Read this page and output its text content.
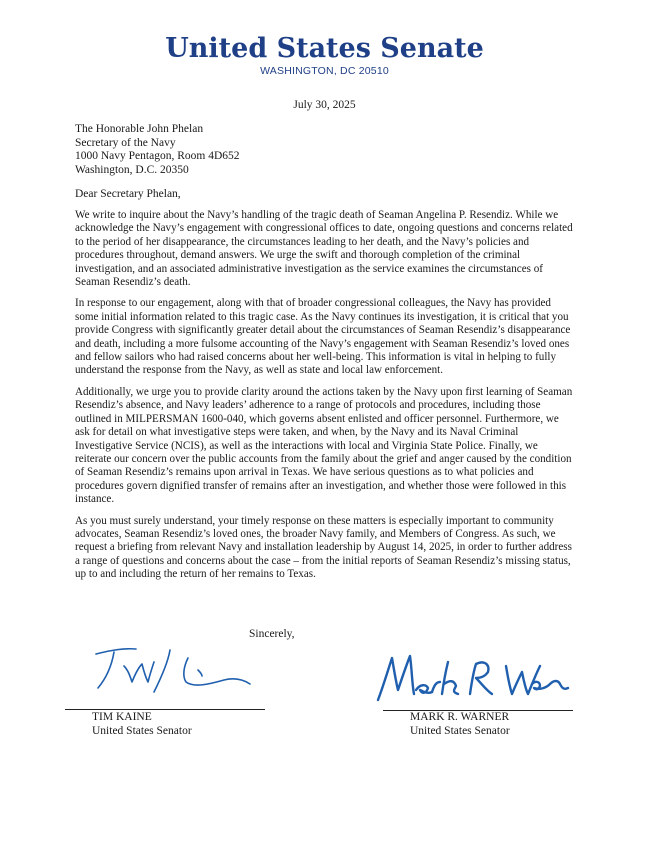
United States Senate
WASHINGTON, DC 20510
July 30, 2025
The Honorable John Phelan
Secretary of the Navy
1000 Navy Pentagon, Room 4D652
Washington, D.C. 20350
Dear Secretary Phelan,

We write to inquire about the Navy’s handling of the tragic death of Seaman Angelina P. Resendiz. While we acknowledge the Navy’s engagement with congressional offices to date, ongoing questions and concerns related to the period of her disappearance, the circumstances leading to her death, and the Navy’s policies and procedures throughout, demand answers. We urge the swift and thorough completion of the criminal investigation, and an associated administrative investigation as the service examines the circumstances of Seaman Resendiz’s death.

In response to our engagement, along with that of broader congressional colleagues, the Navy has provided some initial information related to this tragic case. As the Navy continues its investigation, it is critical that you provide Congress with significantly greater detail about the circumstances of Seaman Resendiz’s disappearance and death, including a more fulsome accounting of the Navy’s engagement with Seaman Resendiz’s loved ones and fellow sailors who had raised concerns about her well-being. This information is vital in helping to fully understand the response from the Navy, as well as state and local law enforcement.

Additionally, we urge you to provide clarity around the actions taken by the Navy upon first learning of Seaman Resendiz’s absence, and Navy leaders’ adherence to a range of protocols and procedures, including those outlined in MILPERSMAN 1600-040, which governs absent enlisted and officer personnel. Furthermore, we ask for detail on what investigative steps were taken, and when, by the Navy and its Naval Criminal Investigative Service (NCIS), as well as the interactions with local and Virginia State Police. Finally, we reiterate our concern over the public accounts from the family about the grief and anger caused by the condition of Seaman Resendiz’s remains upon arrival in Texas. We have serious questions as to what policies and procedures govern dignified transfer of remains after an investigation, and whether those were followed in this instance.

As you must surely understand, your timely response on these matters is especially important to community advocates, Seaman Resendiz’s loved ones, the broader Navy family, and Members of Congress. As such, we request a briefing from relevant Navy and installation leadership by August 14, 2025, in order to further address a range of questions and concerns about the case – from the initial reports of Seaman Resendiz’s missing status, up to and including the return of her remains to Texas.

Sincerely,
TIM KAINE
United States Senator
MARK R. WARNER
United States Senator
